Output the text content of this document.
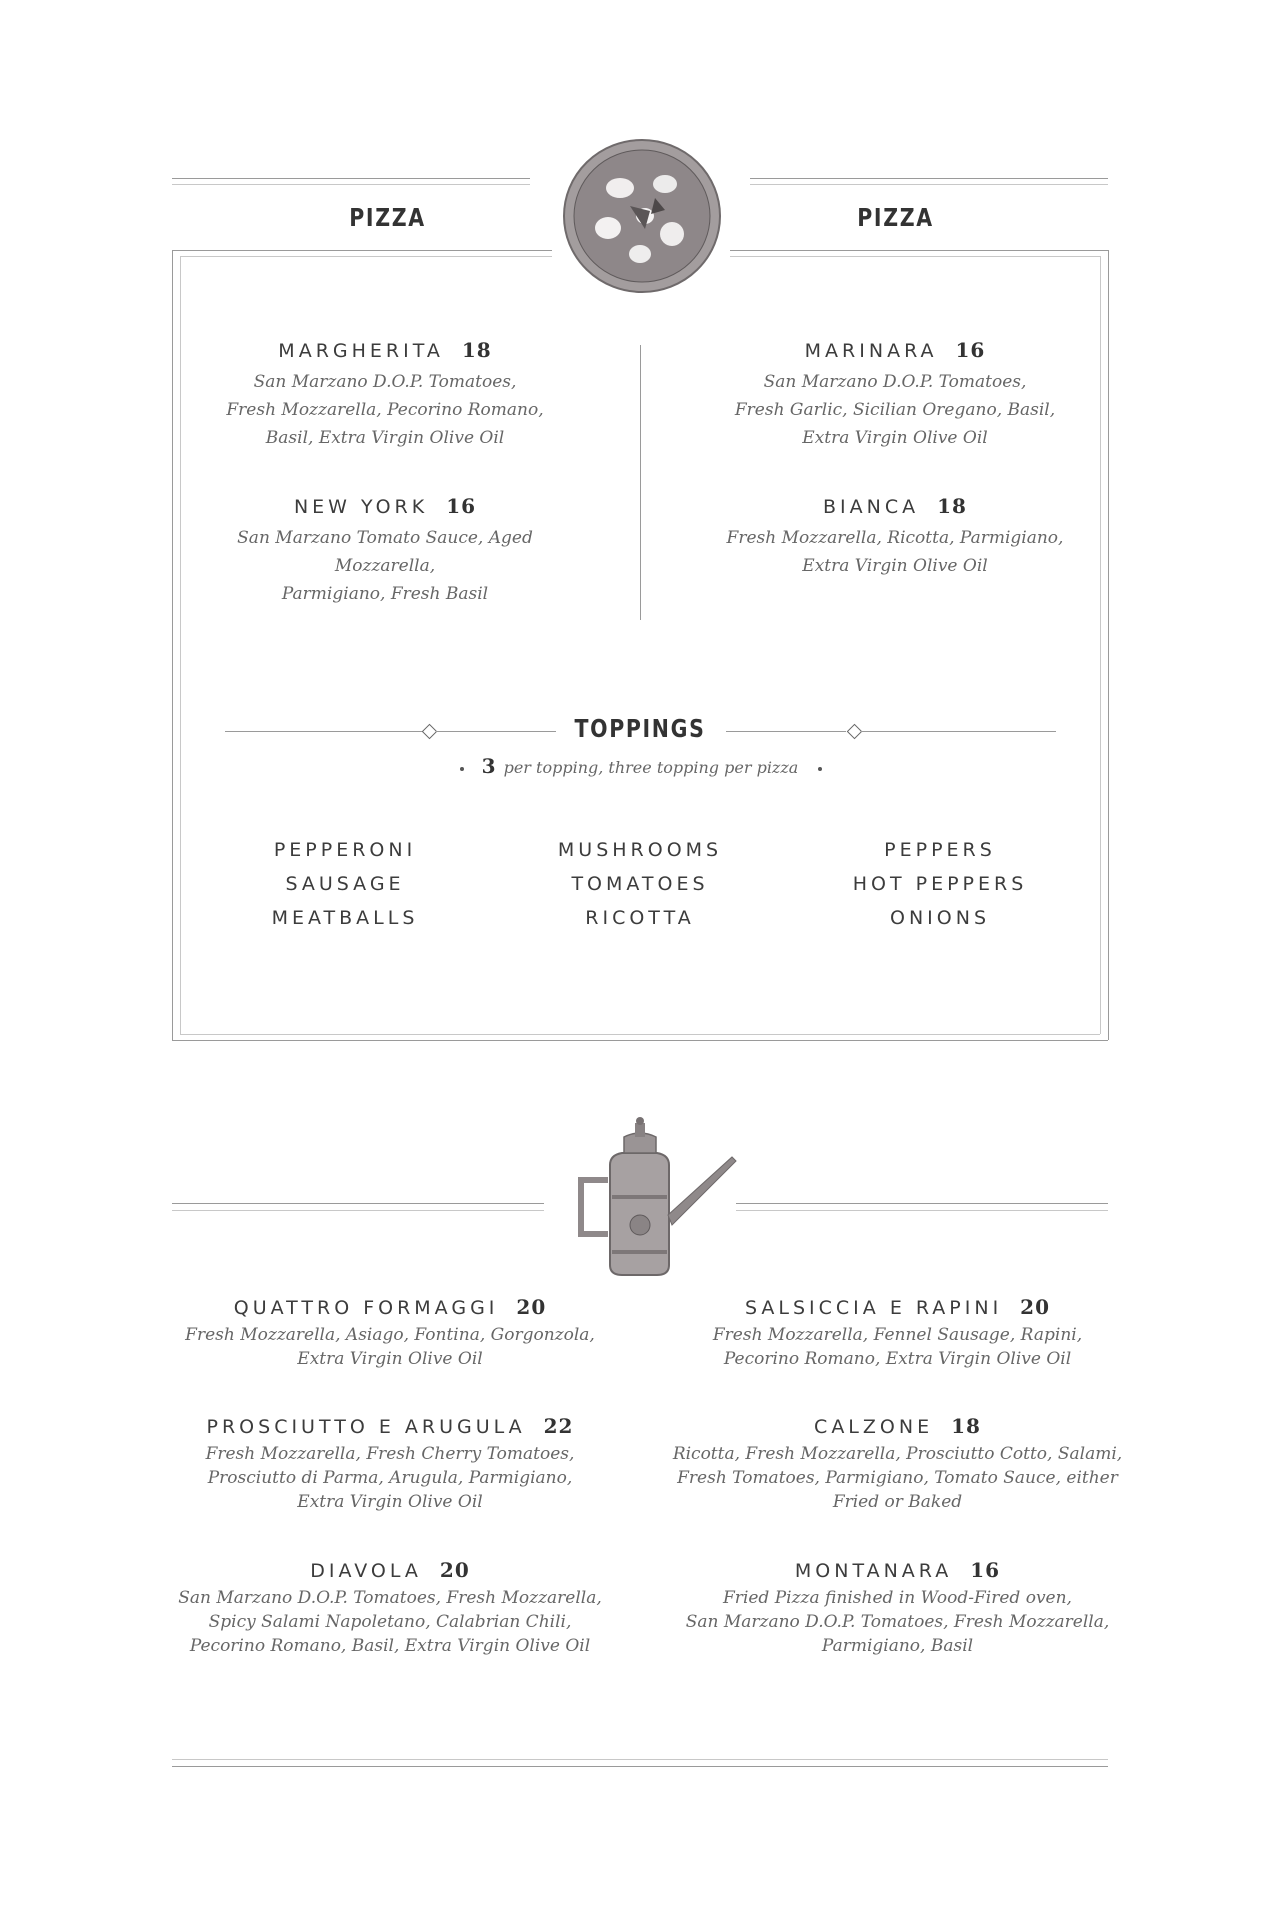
PIZZA	PIZZA
MARGHERITA 18
San Marzano D.O.P. Tomatoes,
Fresh Mozzarella, Pecorino Romano,
Basil, Extra Virgin Olive Oil
NEW YORK 16
San Marzano Tomato Sauce, Aged Mozzarella,
Parmigiano, Fresh Basil
MARINARA 16
San Marzano D.O.P. Tomatoes,
Fresh Garlic, Sicilian Oregano, Basil,
Extra Virgin Olive Oil
BIANCA 18
Fresh Mozzarella, Ricotta, Parmigiano,
Extra Virgin Olive Oil
TOPPINGS
3 per topping, three topping per pizza
PEPPERONI
SAUSAGE
MEATBALLS
MUSHROOMS
TOMATOES
RICOTTA
PEPPERS
HOT PEPPERS
ONIONS
QUATTRO FORMAGGI 20
Fresh Mozzarella, Asiago, Fontina, Gorgonzola,
Extra Virgin Olive Oil
PROSCIUTTO E ARUGULA 22
Fresh Mozzarella, Fresh Cherry Tomatoes,
Prosciutto di Parma, Arugula, Parmigiano,
Extra Virgin Olive Oil
DIAVOLA 20
San Marzano D.O.P. Tomatoes, Fresh Mozzarella,
Spicy Salami Napoletano, Calabrian Chili,
Pecorino Romano, Basil, Extra Virgin Olive Oil
SALSICCIA E RAPINI 20
Fresh Mozzarella, Fennel Sausage, Rapini,
Pecorino Romano, Extra Virgin Olive Oil
CALZONE 18
Ricotta, Fresh Mozzarella, Prosciutto Cotto, Salami,
Fresh Tomatoes, Parmigiano, Tomato Sauce, either
Fried or Baked
MONTANARA 16
Fried Pizza finished in Wood-Fired oven,
San Marzano D.O.P. Tomatoes, Fresh Mozzarella,
Parmigiano, Basil
